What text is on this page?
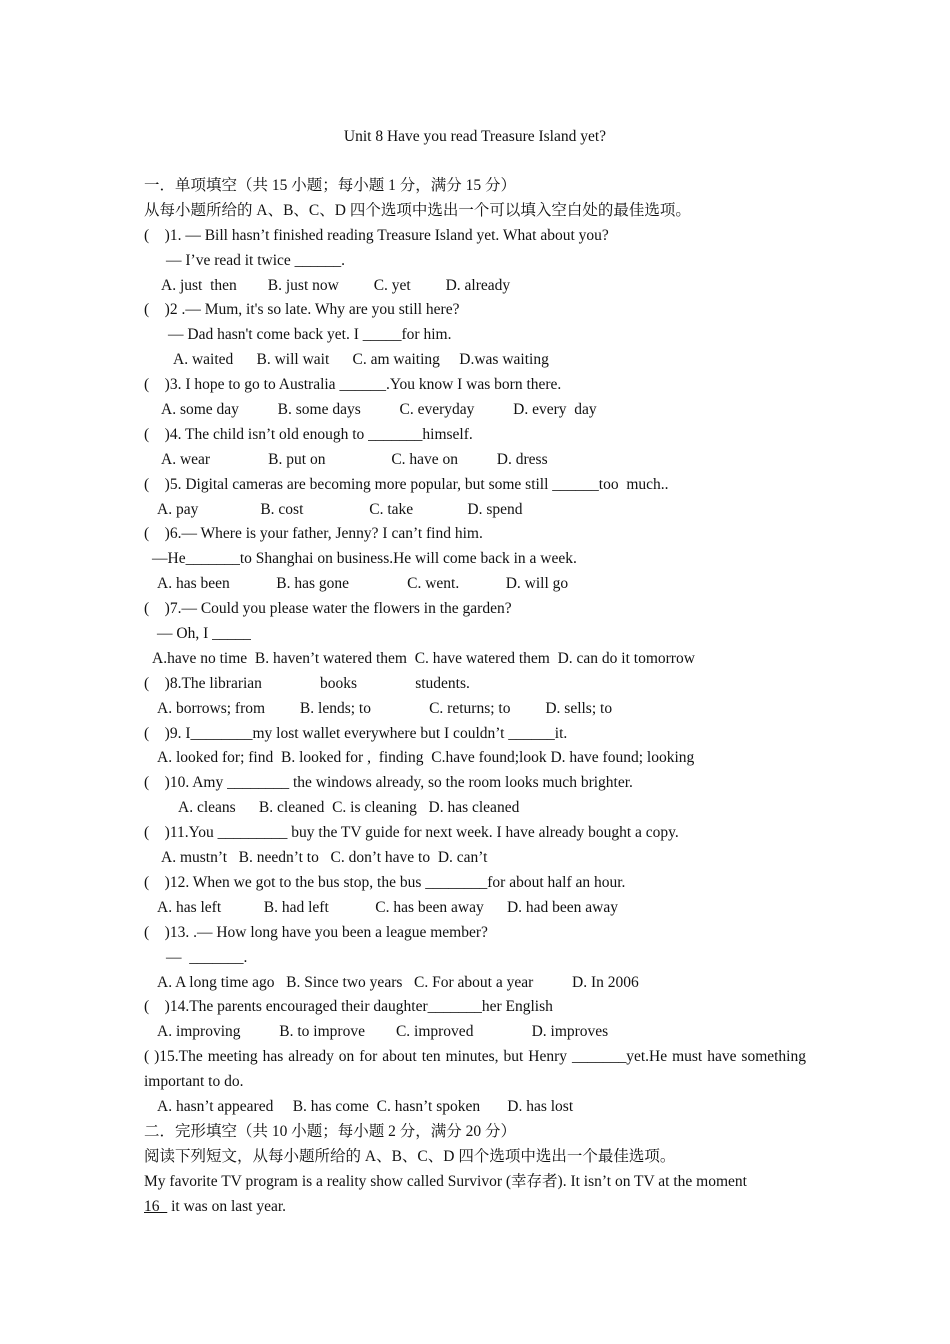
Unit 8 Have you read Treasure Island yet?
一．单项填空（共 15 小题；每小题 1 分，满分 15 分）
从每小题所给的 A、B、C、D 四个选项中选出一个可以填入空白处的最佳选项。
(    )1. — Bill hasn’t finished reading Treasure Island yet. What about you?
— I’ve read it twice ______.
A. just  then        B. just now         C. yet         D. already
(    )2 .— Mum, it's so late. Why are you still here?
— Dad hasn't come back yet. I _____for him.
A. waited      B. will wait      C. am waiting     D.was waiting
(    )3. I hope to go to Australia ______.You know I was born there.
A. some day          B. some days          C. everyday          D. every  day
(    )4. The child isn’t old enough to _______himself.
A. wear               B. put on                 C. have on          D. dress
(    )5. Digital cameras are becoming more popular, but some still ______too  much..
A. pay                B. cost                 C. take              D. spend
(    )6.— Where is your father, Jenny? I can’t find him.
—He_______to Shanghai on business.He will come back in a week.
A. has been            B. has gone               C. went.            D. will go
(    )7.— Could you please water the flowers in the garden?
— Oh, I _____
A.have no time  B. haven’t watered them  C. have watered them  D. can do it tomorrow
(    )8.The librarian               books               students.
A. borrows; from         B. lends; to               C. returns; to         D. sells; to
(    )9. I________my lost wallet everywhere but I couldn’t ______it.
A. looked for; find  B. looked for ,  finding  C.have found;look D. have found; looking
(    )10. Amy ________ the windows already, so the room looks much brighter.
A. cleans      B. cleaned  C. is cleaning   D. has cleaned
(    )11.You _________ buy the TV guide for next week. I have already bought a copy.
A. mustn’t   B. needn’t to   C. don’t have to  D. can’t
(    )12. When we got to the bus stop, the bus ________for about half an hour.
A. has left           B. had left            C. has been away      D. had been away
(    )13. .— How long have you been a league member?
—  _______.
A. A long time ago   B. Since two years   C. For about a year          D. In 2006
(    )14.The parents encouraged their daughter_______her English
A. improving          B. to improve        C. improved               D. improves
( )15.The meeting has already on for about ten minutes, but Henry _______yet.He must have something important to do.
A. hasn’t appeared     B. has come  C. hasn’t spoken       D. has lost
二．完形填空（共 10 小题；每小题 2 分，满分 20 分）
阅读下列短文，从每小题所给的 A、B、C、D 四个选项中选出一个最佳选项。
My favorite TV program is a reality show called Survivor (幸存者). It isn’t on TV at the moment
16   it was on last year.
